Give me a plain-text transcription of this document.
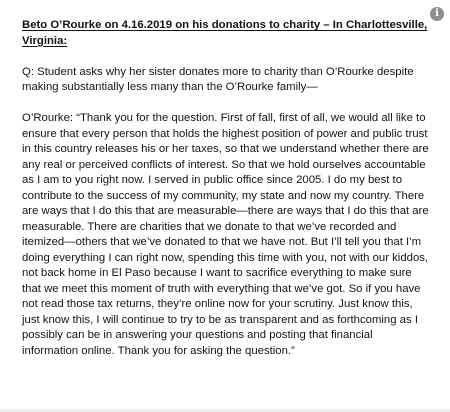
i

Beto O’Rourke on 4.16.2019 on his donations to charity – In Charlottesville, Virginia:

Q: Student asks why her sister donates more to charity than O’Rourke despite making substantially less many than the O’Rourke family—

O’Rourke: “Thank you for the question. First of fall, first of all, we would all like to ensure that every person that holds the highest position of power and public trust in this country releases his or her taxes, so that we understand whether there are any real or perceived conflicts of interest. So that we hold ourselves accountable as I am to you right now. I served in public office since 2005. I do my best to contribute to the success of my community, my state and now my country. There are ways that I do this that are measurable—there are ways that I do this that are measurable. There are charities that we donate to that we’ve recorded and itemized—others that we’ve donated to that we have not. But I’ll tell you that I’m doing everything I can right now, spending this time with you, not with our kiddos, not back home in El Paso because I want to sacrifice everything to make sure that we meet this moment of truth with everything that we’ve got. So if you have not read those tax returns, they’re online now for your scrutiny. Just know this, just know this, I will continue to try to be as transparent and as forthcoming as I possibly can be in answering your questions and posting that financial information online. Thank you for asking the question.”
